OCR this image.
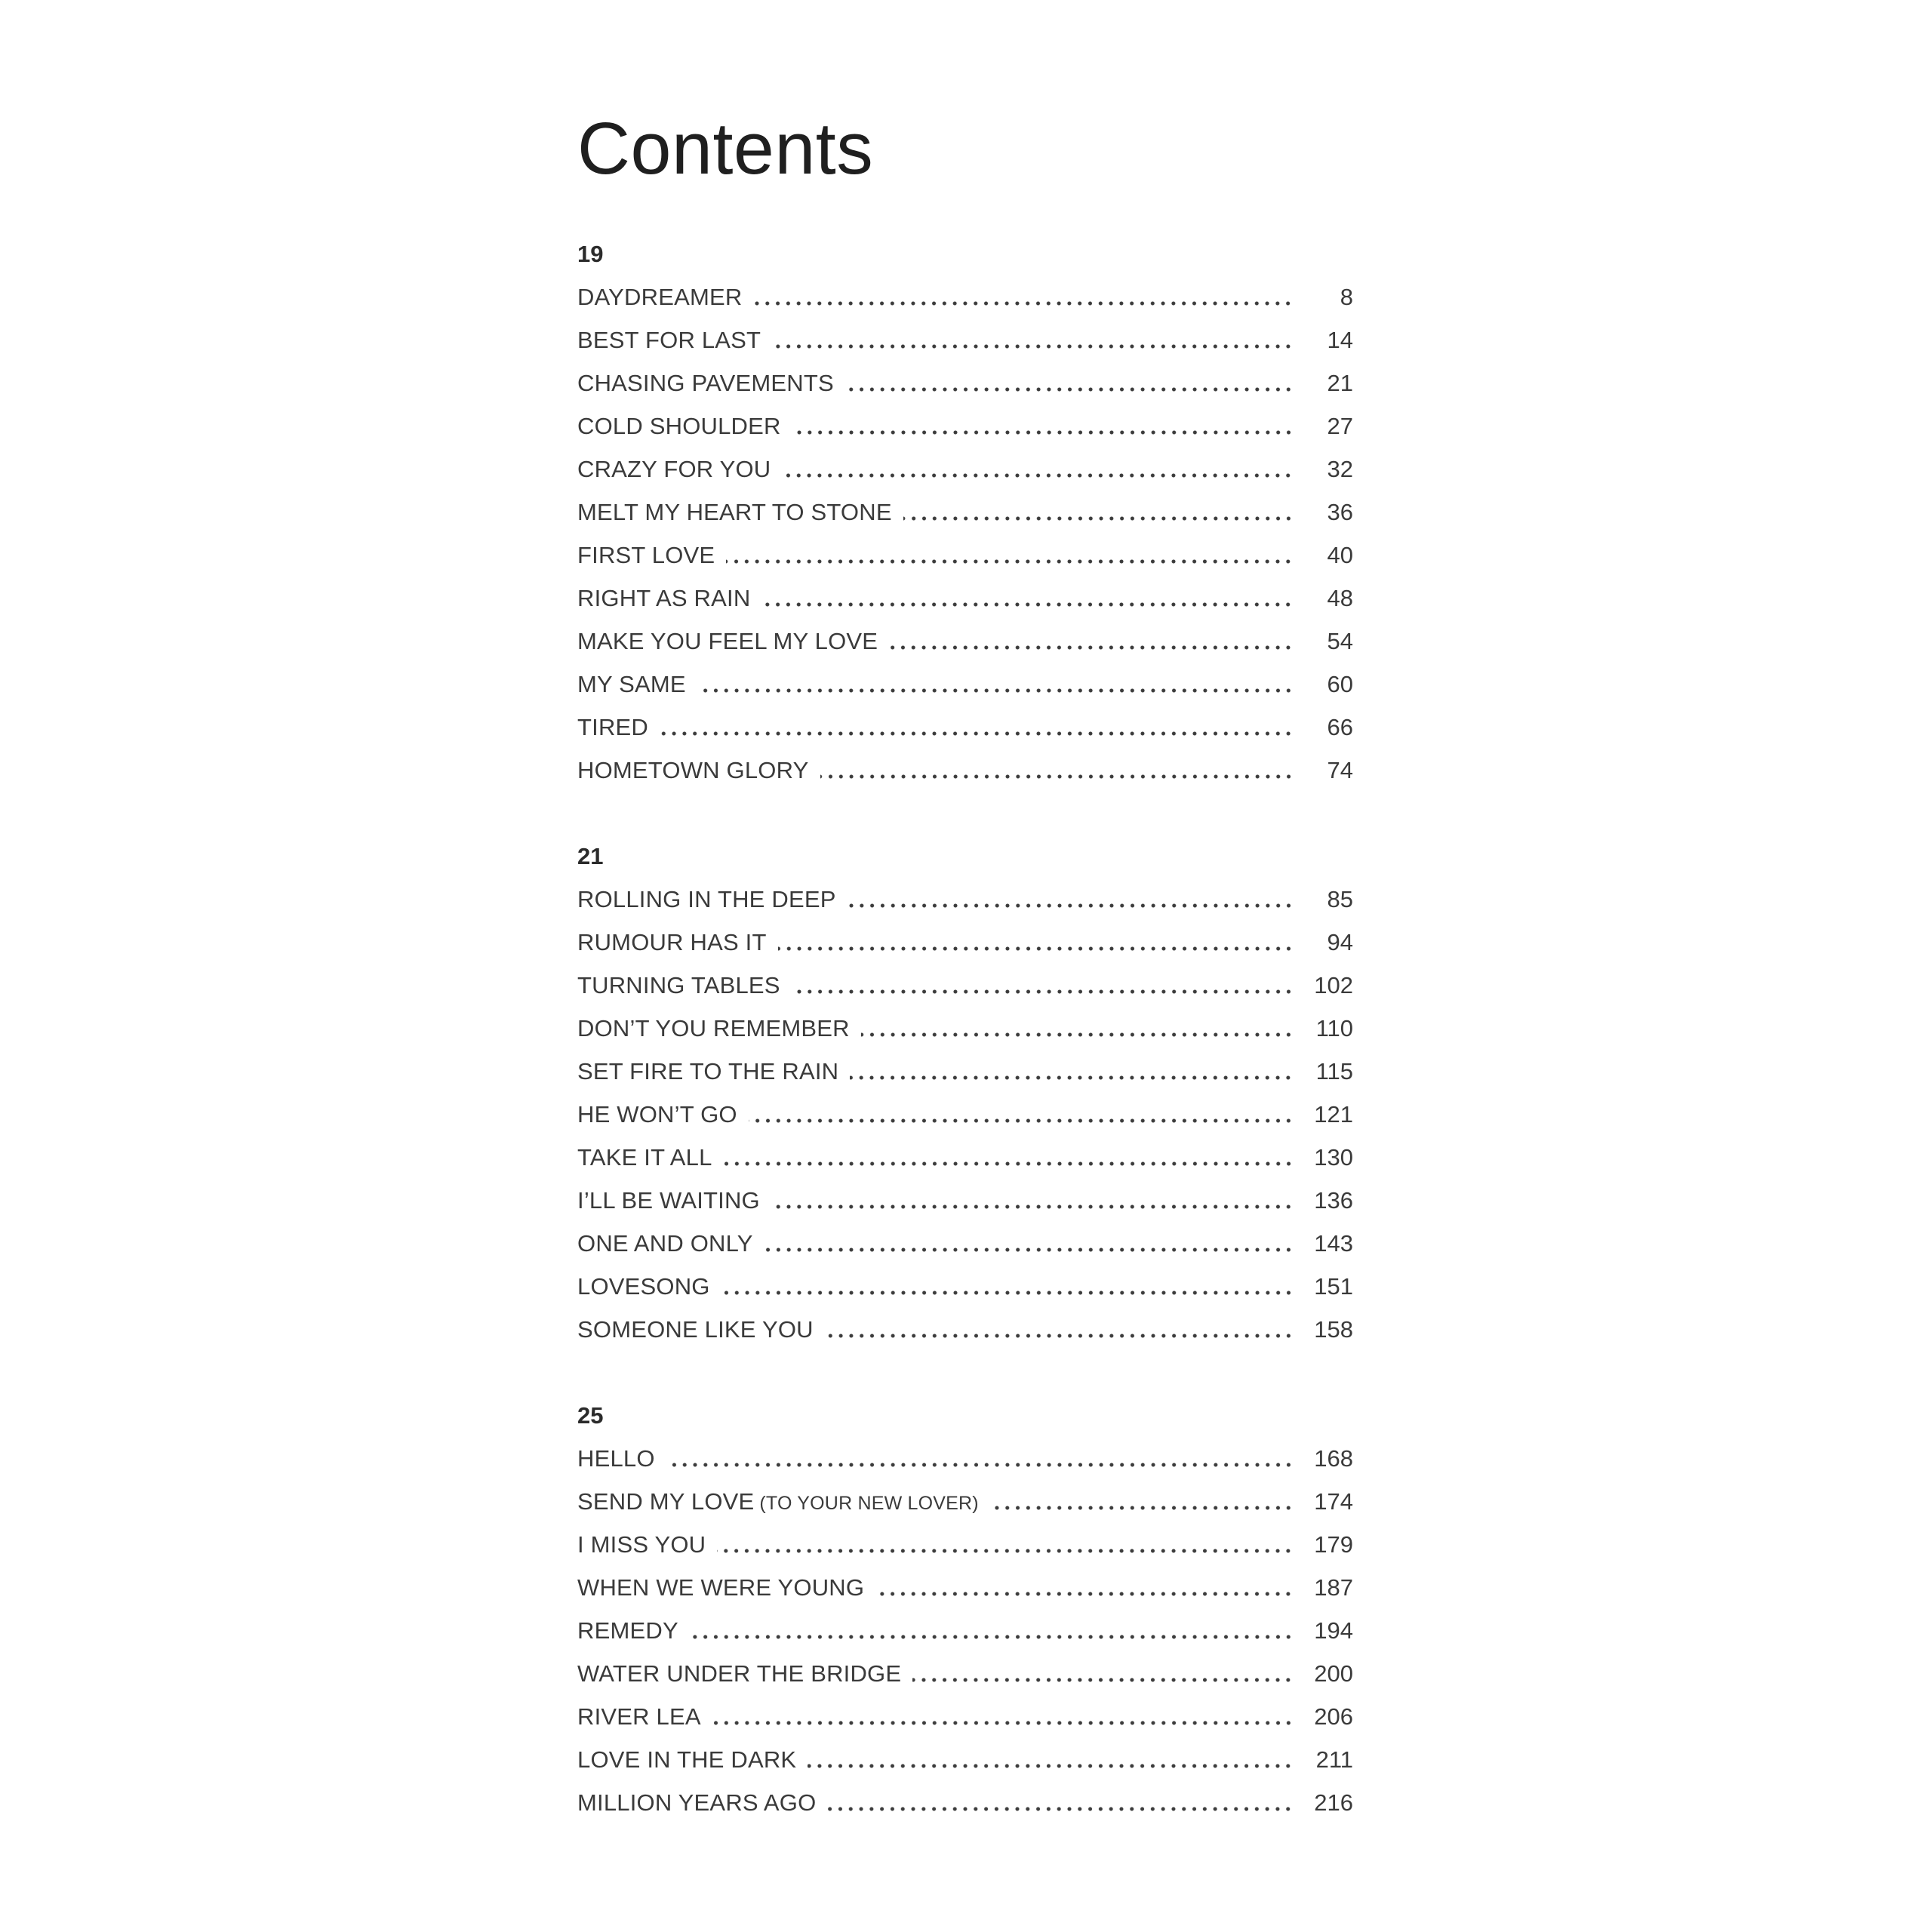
Contents
19
DAYDREAMER	8
BEST FOR LAST	14
CHASING PAVEMENTS	21
COLD SHOULDER	27
CRAZY FOR YOU	32
MELT MY HEART TO STONE	36
FIRST LOVE	40
RIGHT AS RAIN	48
MAKE YOU FEEL MY LOVE	54
MY SAME	60
TIRED	66
HOMETOWN GLORY	74
21
ROLLING IN THE DEEP	85
RUMOUR HAS IT	94
TURNING TABLES	102
DON’T YOU REMEMBER	110
SET FIRE TO THE RAIN	115
HE WON’T GO	121
TAKE IT ALL	130
I’LL BE WAITING	136
ONE AND ONLY	143
LOVESONG	151
SOMEONE LIKE YOU	158
25
HELLO	168
SEND MY LOVE (TO YOUR NEW LOVER)	174
I MISS YOU	179
WHEN WE WERE YOUNG	187
REMEDY	194
WATER UNDER THE BRIDGE	200
RIVER LEA	206
LOVE IN THE DARK	211
MILLION YEARS AGO	216
